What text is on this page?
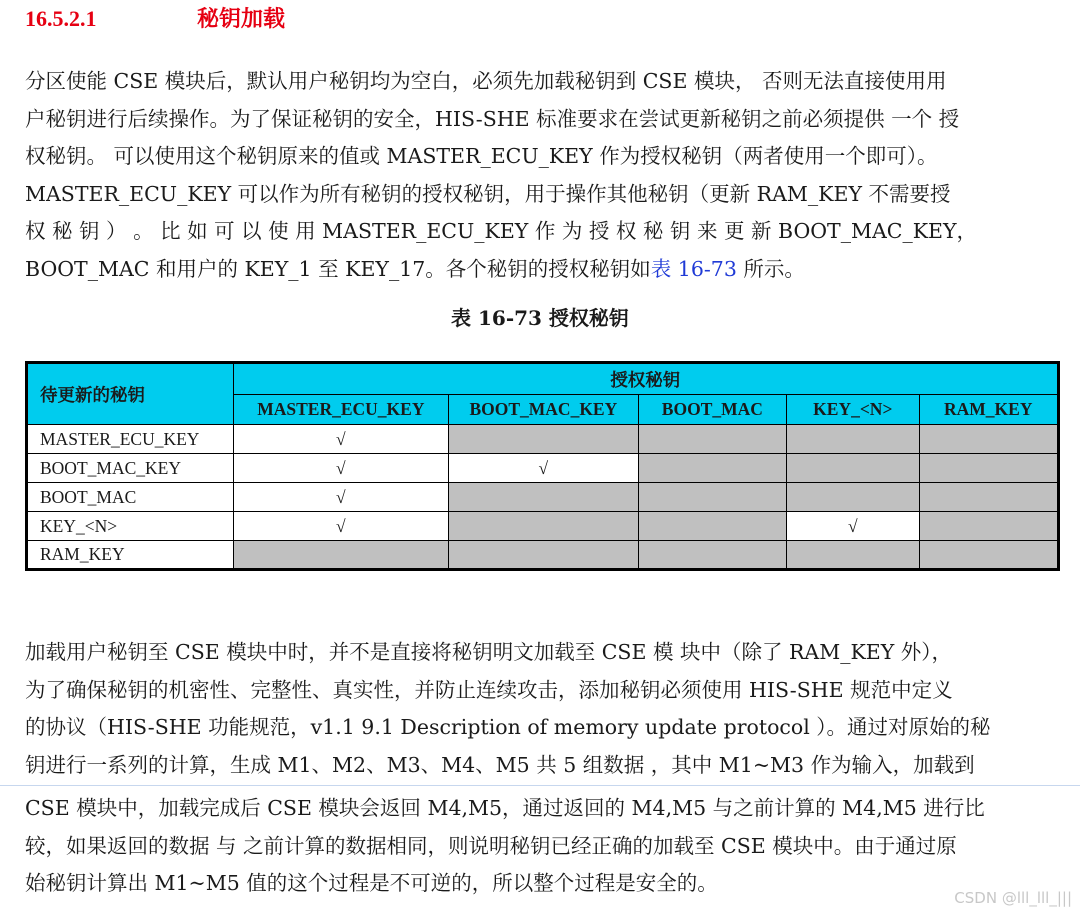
16.5.2.1	秘钥加载
分区使能 CSE 模块后，默认用户秘钥均为空白，必须先加载秘钥到 CSE 模块， 否则无法直接使用用
户秘钥进行后续操作。为了保证秘钥的安全，HIS-SHE 标准要求在尝试更新秘钥之前必须提供 一个 授
权秘钥。 可以使用这个秘钥原来的值或 MASTER_ECU_KEY 作为授权秘钥（两者使用一个即可）。
MASTER_ECU_KEY 可以作为所有秘钥的授权秘钥，用于操作其他秘钥（更新 RAM_KEY 不需要授
权 秘 钥 ） 。 比 如 可 以 使 用 MASTER_ECU_KEY 作 为 授 权 秘 钥 来 更 新 BOOT_MAC_KEY，
BOOT_MAC 和用户的 KEY_1 至 KEY_17。各个秘钥的授权秘钥如表 16-73 所示。
表 16-73 授权秘钥
待更新的秘钥	授权秘钥				
	MASTER_ECU_KEY	BOOT_MAC_KEY	BOOT_MAC	KEY_<N>	RAM_KEY
MASTER_ECU_KEY	√				
BOOT_MAC_KEY	√	√			
BOOT_MAC	√				
KEY_<N>	√			√	
RAM_KEY					
加载用户秘钥至 CSE 模块中时，并不是直接将秘钥明文加载至 CSE 模 块中（除了 RAM_KEY 外），
为了确保秘钥的机密性、完整性、真实性，并防止连续攻击，添加秘钥必须使用 HIS-SHE 规范中定义
的协议（HIS-SHE 功能规范，v1.1 9.1 Description of memory update protocol ）。通过对原始的秘
钥进行一系列的计算，生成 M1、M2、M3、M4、M5 共 5 组数据 ，其中 M1~M3 作为输入，加载到
CSE 模块中，加载完成后 CSE 模块会返回 M4,M5，通过返回的 M4,M5 与之前计算的 M4,M5 进行比
较，如果返回的数据 与 之前计算的数据相同，则说明秘钥已经正确的加载至 CSE 模块中。由于通过原
始秘钥计算出 M1~M5 值的这个过程是不可逆的，所以整个过程是安全的。
CSDN @lll_lll_|||
